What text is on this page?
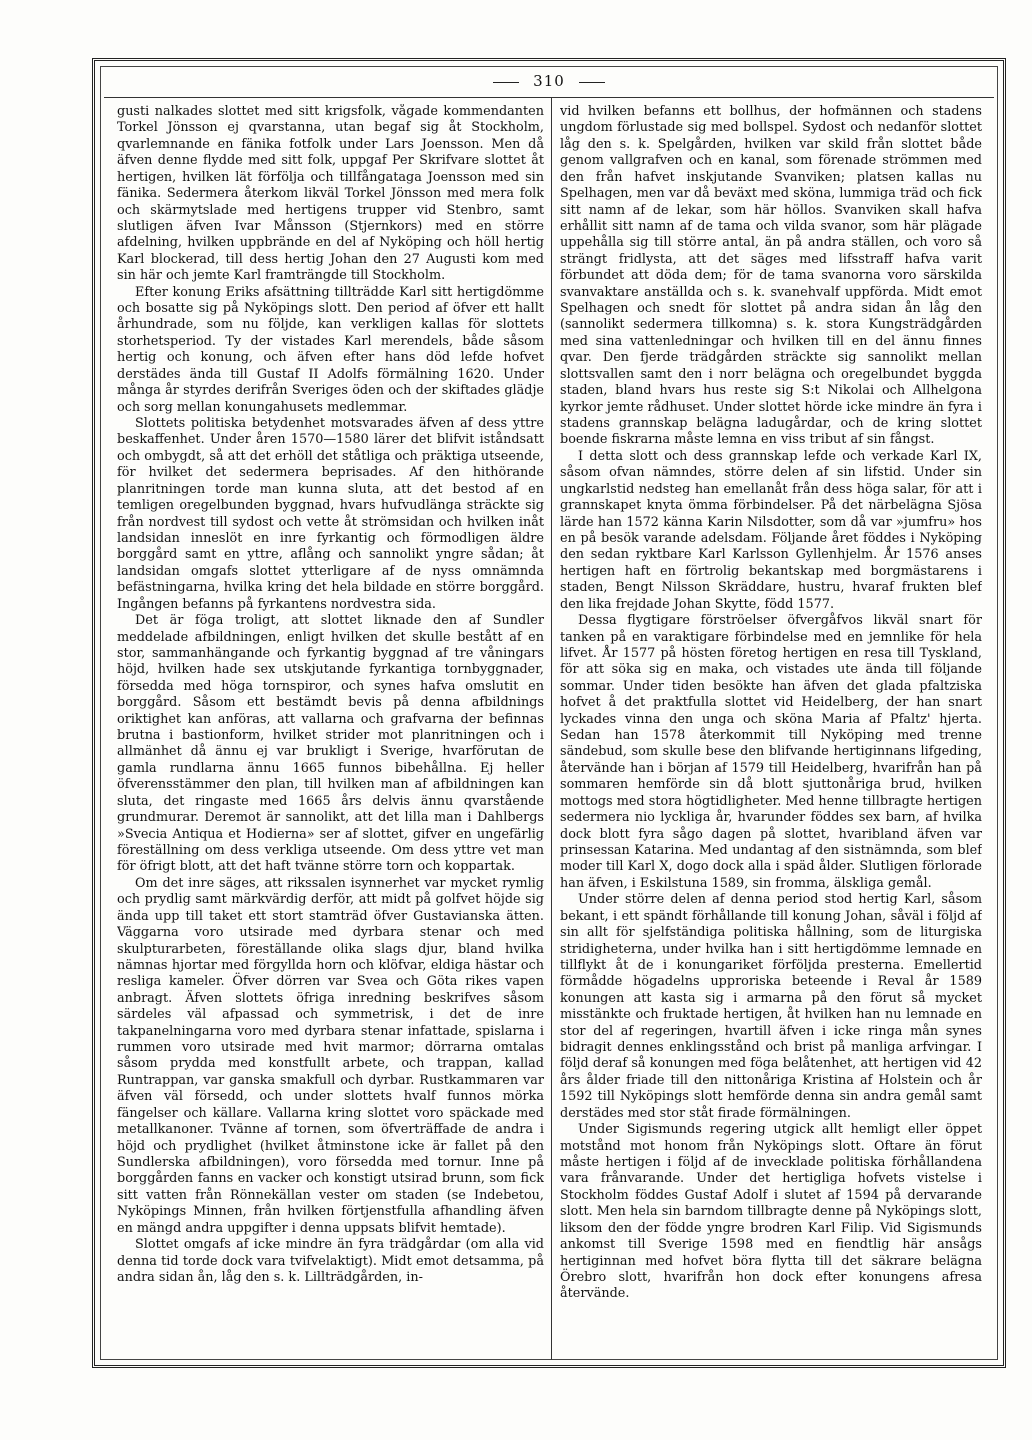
310

gusti nalkades slottet med sitt krigsfolk, vågade kommendanten Torkel Jönsson ej qvarstanna, utan begaf sig åt Stockholm, qvarlemnande en fänika fotfolk under Lars Joensson. Men då äfven denne flydde med sitt folk, uppgaf Per Skrifvare slottet åt hertigen, hvilken lät förfölja och tillfångataga Joensson med sin fänika. Sedermera återkom likväl Torkel Jönsson med mera folk och skärmytslade med hertigens trupper vid Stenbro, samt slutligen äfven Ivar Månsson (Stjernkors) med en större afdelning, hvilken uppbrände en del af Nyköping och höll hertig Karl blockerad, till dess hertig Johan den 27 Augusti kom med sin här och jemte Karl framträngde till Stockholm.

Efter konung Eriks afsättning tillträdde Karl sitt hertigdömme och bosatte sig på Nyköpings slott. Den period af öfver ett hallt århundrade, som nu följde, kan verkligen kallas för slottets storhetsperiod. Ty der vistades Karl merendels, både såsom hertig och konung, och äfven efter hans död lefde hofvet derstädes ända till Gustaf II Adolfs förmälning 1620. Under många år styrdes derifrån Sveriges öden och der skiftades glädje och sorg mellan konungahusets medlemmar.

Slottets politiska betydenhet motsvarades äfven af dess yttre beskaffenhet. Under åren 1570—1580 lärer det blifvit iståndsatt och ombygdt, så att det erhöll det ståtliga och präktiga utseende, för hvilket det sedermera beprisades. Af den hithörande planritningen torde man kunna sluta, att det bestod af en temligen oregelbunden byggnad, hvars hufvudlänga sträckte sig från nordvest till sydost och vette åt strömsidan och hvilken inåt landsidan inneslöt en inre fyrkantig och förmodligen äldre borggård samt en yttre, aflång och sannolikt yngre sådan; åt landsidan omgafs slottet ytterligare af de nyss omnämnda befästningarna, hvilka kring det hela bildade en större borggård. Ingången befanns på fyrkantens nordvestra sida.

Det är föga troligt, att slottet liknade den af Sundler meddelade afbildningen, enligt hvilken det skulle bestått af en stor, sammanhängande och fyrkantig byggnad af tre våningars höjd, hvilken hade sex utskjutande fyrkantiga tornbyggnader, försedda med höga tornspiror, och synes hafva omslutit en borggård. Såsom ett bestämdt bevis på denna afbildnings oriktighet kan anföras, att vallarna och grafvarna der befinnas brutna i bastionform, hvilket strider mot planritningen och i allmänhet då ännu ej var brukligt i Sverige, hvarförutan de gamla rundlarna ännu 1665 funnos bibehållna. Ej heller öfverensstämmer den plan, till hvilken man af afbildningen kan sluta, det ringaste med 1665 års delvis ännu qvarstående grundmurar. Deremot är sannolikt, att det lilla man i Dahlbergs »Svecia Antiqua et Hodierna» ser af slottet, gifver en ungefärlig föreställning om dess verkliga utseende. Om dess yttre vet man för öfrigt blott, att det haft tvänne större torn och koppartak.

Om det inre säges, att rikssalen isynnerhet var mycket rymlig och prydlig samt märkvärdig derför, att midt på golfvet höjde sig ända upp till taket ett stort stamträd öfver Gustavianska ätten. Väggarna voro utsirade med dyrbara stenar och med skulpturarbeten, föreställande olika slags djur, bland hvilka nämnas hjortar med förgyllda horn och klöfvar, eldiga hästar och resliga kameler. Öfver dörren var Svea och Göta rikes vapen anbragt. Äfven slottets öfriga inredning beskrifves såsom särdeles väl afpassad och symmetrisk, i det de inre takpanelningarna voro med dyrbara stenar infattade, spislarna i rummen voro utsirade med hvit marmor; dörrarna omtalas såsom prydda med konstfullt arbete, och trappan, kallad Runtrappan, var ganska smakfull och dyrbar. Rustkammaren var äfven väl försedd, och under slottets hvalf funnos mörka fängelser och källare. Vallarna kring slottet voro späckade med metallkanoner. Tvänne af tornen, som öfverträffade de andra i höjd och prydlighet (hvilket åtminstone icke är fallet på den Sundlerska afbildningen), voro försedda med tornur. Inne på borggården fanns en vacker och konstigt utsirad brunn, som fick sitt vatten från Rönnekällan vester om staden (se Indebetou, Nyköpings Minnen, från hvilken förtjenstfulla afhandling äfven en mängd andra uppgifter i denna uppsats blifvit hemtade).

Slottet omgafs af icke mindre än fyra trädgårdar (om alla vid denna tid torde dock vara tvifvelaktigt). Midt emot detsamma, på andra sidan ån, låg den s. k. Lillträdgården, in-

vid hvilken befanns ett bollhus, der hofmännen och stadens ungdom förlustade sig med bollspel. Sydost och nedanför slottet låg den s. k. Spelgården, hvilken var skild från slottet både genom vallgrafven och en kanal, som förenade strömmen med den från hafvet inskjutande Svanviken; platsen kallas nu Spelhagen, men var då beväxt med sköna, lummiga träd och fick sitt namn af de lekar, som här höllos. Svanviken skall hafva erhållit sitt namn af de tama och vilda svanor, som här plägade uppehålla sig till större antal, än på andra ställen, och voro så strängt fridlysta, att det säges med lifsstraff hafva varit förbundet att döda dem; för de tama svanorna voro särskilda svanvaktare anställda och s. k. svanehvalf uppförda. Midt emot Spelhagen och snedt för slottet på andra sidan ån låg den (sannolikt sedermera tillkomna) s. k. stora Kungsträdgården med sina vattenledningar och hvilken till en del ännu finnes qvar. Den fjerde trädgården sträckte sig sannolikt mellan slottsvallen samt den i norr belägna och oregelbundet byggda staden, bland hvars hus reste sig S:t Nikolai och Allhelgona kyrkor jemte rådhuset. Under slottet hörde icke mindre än fyra i stadens grannskap belägna ladugårdar, och de kring slottet boende fiskrarna måste lemna en viss tribut af sin fångst.

I detta slott och dess grannskap lefde och verkade Karl IX, såsom ofvan nämndes, större delen af sin lifstid. Under sin ungkarlstid nedsteg han emellanåt från dess höga salar, för att i grannskapet knyta ömma förbindelser. På det närbelägna Sjösa lärde han 1572 känna Karin Nilsdotter, som då var »jumfru» hos en på besök varande adelsdam. Följande året föddes i Nyköping den sedan ryktbare Karl Karlsson Gyllenhjelm. År 1576 anses hertigen haft en förtrolig bekantskap med borgmästarens i staden, Bengt Nilsson Skräddare, hustru, hvaraf frukten blef den lika frejdade Johan Skytte, född 1577.

Dessa flygtigare förströelser öfvergåfvos likväl snart för tanken på en varaktigare förbindelse med en jemnlike för hela lifvet. År 1577 på hösten företog hertigen en resa till Tyskland, för att söka sig en maka, och vistades ute ända till följande sommar. Under tiden besökte han äfven det glada pfaltziska hofvet å det praktfulla slottet vid Heidelberg, der han snart lyckades vinna den unga och sköna Maria af Pfaltz' hjerta. Sedan han 1578 återkommit till Nyköping med trenne sändebud, som skulle bese den blifvande hertiginnans lifgeding, återvände han i början af 1579 till Heidelberg, hvarifrån han på sommaren hemförde sin då blott sjuttonåriga brud, hvilken mottogs med stora högtidligheter. Med henne tillbragte hertigen sedermera nio lyckliga år, hvarunder föddes sex barn, af hvilka dock blott fyra sågo dagen på slottet, hvaribland äfven var prinsessan Katarina. Med undantag af den sistnämnda, som blef moder till Karl X, dogo dock alla i späd ålder. Slutligen förlorade han äfven, i Eskilstuna 1589, sin fromma, älskliga gemål.

Under större delen af denna period stod hertig Karl, såsom bekant, i ett spändt förhållande till konung Johan, såväl i följd af sin allt för sjelfständiga politiska hållning, som de liturgiska stridigheterna, under hvilka han i sitt hertigdömme lemnade en tillflykt åt de i konungariket förföljda presterna. Emellertid förmådde högadelns upproriska beteende i Reval år 1589 konungen att kasta sig i armarna på den förut så mycket misstänkte och fruktade hertigen, åt hvilken han nu lemnade en stor del af regeringen, hvartill äfven i icke ringa mån synes bidragit dennes enklingsstånd och brist på manliga arfvingar. I följd deraf så konungen med föga belåtenhet, att hertigen vid 42 års ålder friade till den nittonåriga Kristina af Holstein och år 1592 till Nyköpings slott hemförde denna sin andra gemål samt derstädes med stor ståt firade förmälningen.

Under Sigismunds regering utgick allt hemligt eller öppet motstånd mot honom från Nyköpings slott. Oftare än förut måste hertigen i följd af de invecklade politiska förhållandena vara frånvarande. Under det hertigliga hofvets vistelse i Stockholm föddes Gustaf Adolf i slutet af 1594 på dervarande slott. Men hela sin barndom tillbragte denne på Nyköpings slott, liksom den der födde yngre brodren Karl Filip. Vid Sigismunds ankomst till Sverige 1598 med en fiendtlig här ansågs hertiginnan med hofvet böra flytta till det säkrare belägna Örebro slott, hvarifrån hon dock efter konungens afresa återvände.
